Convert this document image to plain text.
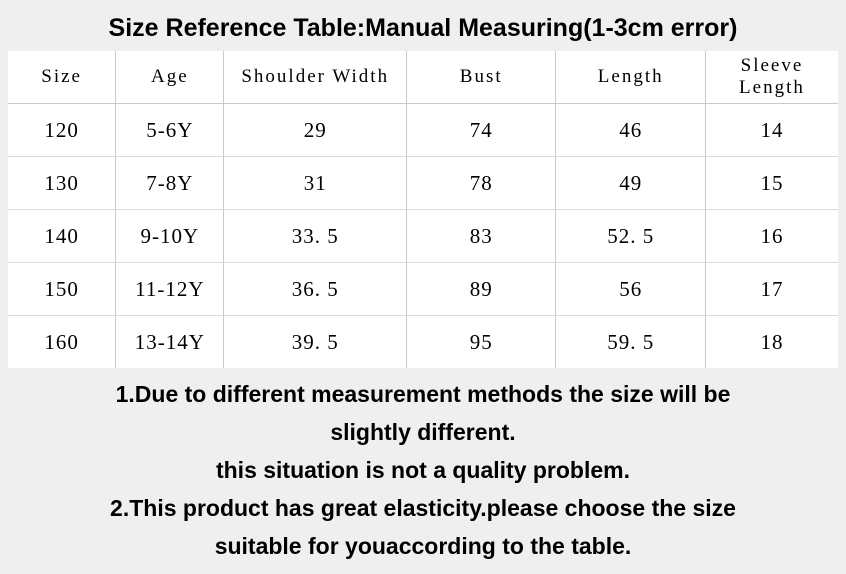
Size Reference Table:Manual Measuring(1-3cm error)
Size	Age	Shoulder Width	Bust	Length	Sleeve Length
120	5-6Y	29	74	46	14
130	7-8Y	31	78	49	15
140	9-10Y	33. 5	83	52. 5	16
150	11-12Y	36. 5	89	56	17
160	13-14Y	39. 5	95	59. 5	18
1.Due to different measurement methods the size will be
slightly different.
this situation is not a quality problem.
2.This product has great elasticity.please choose the size
suitable for youaccording to the table.
